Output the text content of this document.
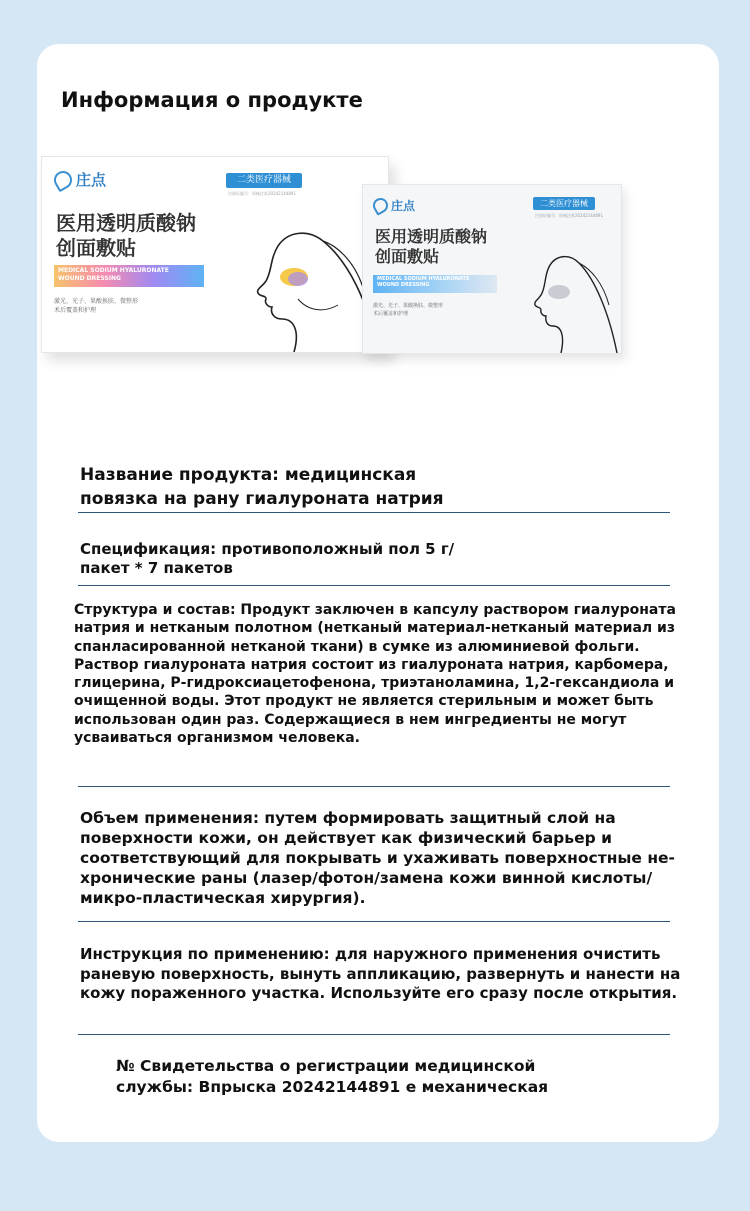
Информация о продукте
庄点	二类医疗器械
注册证编号：琼械注准20242144891
医用透明质酸钠
创面敷贴
MEDICAL SODIUM HYALURONATE
WOUND DRESSING
激光、光子、果酸换肤、微整形
术后覆盖和护理
庄点	二类医疗器械
注册证编号：琼械注准20242144891
医用透明质酸钠
创面敷贴
MEDICAL SODIUM HYALURONATE
WOUND DRESSING
激光、光子、果酸换肤、微整形
术后覆盖和护理
Название продукта: медицинская повязка на рану гиалуроната натрия
Спецификация: противоположный пол 5 г/пакет * 7 пакетов
Структура и состав: Продукт заключен в капсулу раствором гиалуроната натрия и нетканым полотном (нетканый материал-нетканый материал из спанласированной нетканой ткани) в сумке из алюминиевой фольги. Раствор гиалуроната натрия состоит из гиалуроната натрия, карбомера, глицерина, Р-гидроксиацетофенона, триэтаноламина, 1,2-гександиола и очищенной воды. Этот продукт не является стерильным и может быть использован один раз. Содержащиеся в нем ингредиенты не могут усваиваться организмом человека.
Объем применения: путем формировать защитный слой на поверхности кожи, он действует как физический барьер и соответствующий для покрывать и ухаживать поверхностные не-хронические раны (лазер/фотон/замена кожи винной кислоты/микро-пластическая хирургия).
Инструкция по применению: для наружного применения очистить раневую поверхность, вынуть аппликацию, развернуть и нанести на кожу пораженного участка. Используйте его сразу после открытия.
№ Свидетельства о регистрации медицинской службы: Впрыска 20242144891 е механическая
